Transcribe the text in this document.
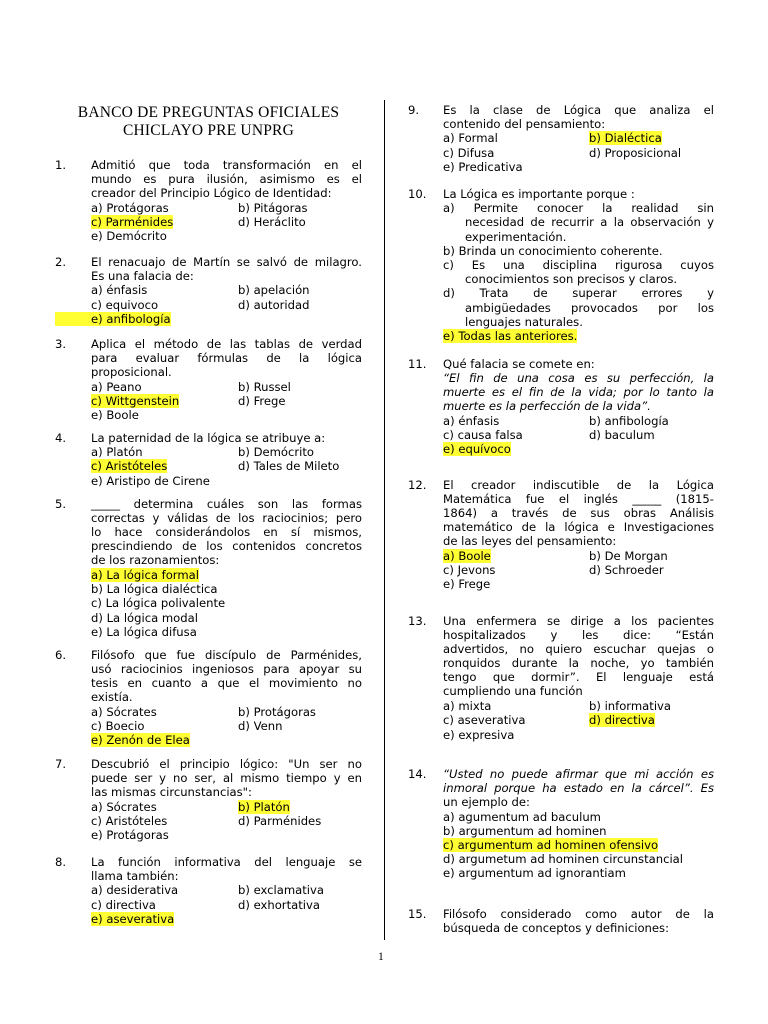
BANCO DE PREGUNTAS OFICIALES
CHICLAYO PRE UNPRG
1. Admitió que toda transformación en el
mundo es pura ilusión, asimismo es el
creador del Principio Lógico de Identidad:
a) Protágoras	b) Pitágoras
c) Parménides	d) Heráclito
e) Demócrito
2. El renacuajo de Martín se salvó de milagro.
Es una falacia de:
a) énfasis	b) apelación
c) equivoco	d) autoridad
e) anfibología
3. Aplica el método de las tablas de verdad
para evaluar fórmulas de la lógica
proposicional.
a) Peano	b) Russel
c) Wittgenstein	d) Frege
e) Boole
4. La paternidad de la lógica se atribuye a:
a) Platón	b) Demócrito
c) Aristóteles	d) Tales de Mileto
e) Aristipo de Cirene
5. _____ determina cuáles son las formas
correctas y válidas de los raciocinios; pero
lo hace considerándolos en sí mismos,
prescindiendo de los contenidos concretos
de los razonamientos:
a) La lógica formal
b) La lógica dialéctica
c) La lógica polivalente
d) La lógica modal
e) La lógica difusa
6. Filósofo que fue discípulo de Parménides,
usó raciocinios ingeniosos para apoyar su
tesis en cuanto a que el movimiento no
existía.
a) Sócrates	b) Protágoras
c) Boecio	d) Venn
e) Zenón de Elea
7. Descubrió el principio lógico: "Un ser no
puede ser y no ser, al mismo tiempo y en
las mismas circunstancias":
a) Sócrates	b) Platón
c) Aristóteles	d) Parménides
e) Protágoras
8. La función informativa del lenguaje se
llama también:
a) desiderativa	b) exclamativa
c) directiva	d) exhortativa
e) aseverativa
9. Es la clase de Lógica que analiza el
contenido del pensamiento:
a) Formal	b) Dialéctica
c) Difusa	d) Proposicional
e) Predicativa
10. La Lógica es importante porque :
a) Permite conocer la realidad sin
necesidad de recurrir a la observación y
experimentación.
b) Brinda un conocimiento coherente.
c) Es una disciplina rigurosa cuyos
conocimientos son precisos y claros.
d) Trata de superar errores y
ambigüedades provocados por los
lenguajes naturales.
e) Todas las anteriores.
11. Qué falacia se comete en:
“El fin de una cosa es su perfección, la
muerte es el fin de la vida; por lo tanto la
muerte es la perfección de la vida”.
a) énfasis	b) anfibología
c) causa falsa	d) baculum
e) equívoco
12. El creador indiscutible de la Lógica
Matemática fue el inglés _____ (1815-
1864) a través de sus obras Análisis
matemático de la lógica e Investigaciones
de las leyes del pensamiento:
a) Boole	b) De Morgan
c) Jevons	d) Schroeder
e) Frege
13. Una enfermera se dirige a los pacientes
hospitalizados y les dice: “Están
advertidos, no quiero escuchar quejas o
ronquidos durante la noche, yo también
tengo que dormir”. El lenguaje está
cumpliendo una función
a) mixta	b) informativa
c) aseverativa	d) directiva
e) expresiva
14. “Usted no puede afirmar que mi acción es
inmoral porque ha estado en la cárcel”. Es
un ejemplo de:
a) agumentum ad baculum
b) argumentum ad hominen
c) argumentum ad hominen ofensivo
d) argumetum ad hominen circunstancial
e) argumentum ad ignorantiam
15. Filósofo considerado como autor de la
búsqueda de conceptos y definiciones:
1
